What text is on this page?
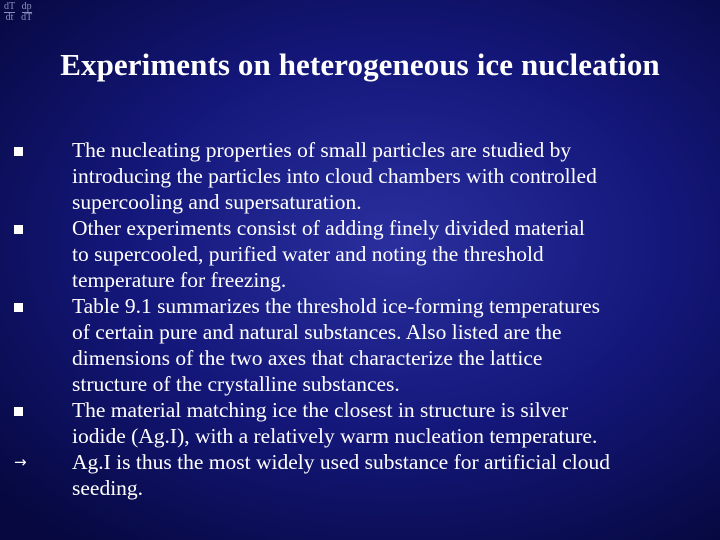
$\frac{dT}{dt} \frac{dp}{dT}$
Experiments on heterogeneous ice nucleation
The nucleating properties of small particles are studied by
introducing the particles into cloud chambers with controlled
supercooling and supersaturation.
Other experiments consist of adding finely divided material
to supercooled, purified water and noting the threshold
temperature for freezing.
Table 9.1 summarizes the threshold ice-forming temperatures
of certain pure and natural substances. Also listed are the
dimensions of the two axes that characterize the lattice
structure of the crystalline substances.
The material matching ice the closest in structure is silver
iodide (Ag.I), with a relatively warm nucleation temperature.
→	Ag.I is thus the most widely used substance for artificial cloud
seeding.
